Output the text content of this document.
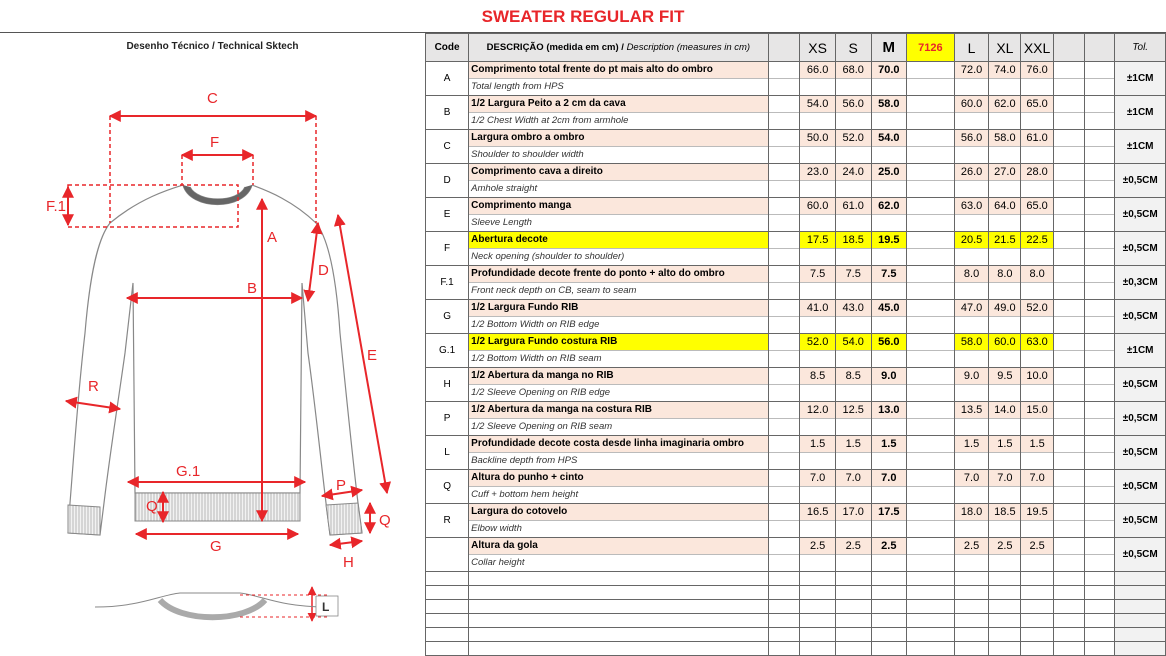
SWEATER REGULAR FIT
Desenho Técnico / Technical Sktech
C
F
F.1
A
D
B
E
R
G.1
P
Q
Q
G
H
L
Code	DESCRIÇÃO (medida em cm) / Description (measures in cm)		XS	S	M	7126	L	XL	XXL			Tol.
A	Comprimento total frente do pt mais alto do ombro
Total length from HPS		66.0	68.0	70.0		72.0	74.0	76.0			±1CM
B	1/2 Largura Peito a 2 cm da cava
1/2 Chest Width at 2cm from armhole		54.0	56.0	58.0		60.0	62.0	65.0			±1CM
C	Largura ombro a ombro
Shoulder to shoulder width		50.0	52.0	54.0		56.0	58.0	61.0			±1CM
D	Comprimento cava a direito
Amhole straight		23.0	24.0	25.0		26.0	27.0	28.0			±0,5CM
E	Comprimento manga
Sleeve Length		60.0	61.0	62.0		63.0	64.0	65.0			±0,5CM
F	Abertura decote
Neck opening (shoulder to shoulder)		17.5	18.5	19.5		20.5	21.5	22.5			±0,5CM
F.1	Profundidade decote frente do ponto + alto do ombro
Front neck depth on CB, seam to seam		7.5	7.5	7.5		8.0	8.0	8.0			±0,3CM
G	1/2 Largura Fundo RIB
1/2 Bottom Width on RIB edge		41.0	43.0	45.0		47.0	49.0	52.0			±0,5CM
G.1	1/2 Largura Fundo costura RIB
1/2 Bottom Width on RIB seam		52.0	54.0	56.0		58.0	60.0	63.0			±1CM
H	1/2 Abertura da manga no RIB
1/2 Sleeve Opening on RIB edge		8.5	8.5	9.0		9.0	9.5	10.0			±0,5CM
P	1/2 Abertura da manga na costura RIB
1/2 Sleeve Opening on RIB seam		12.0	12.5	13.0		13.5	14.0	15.0			±0,5CM
L	Profundidade decote costa desde linha imaginaria ombro
Backline depth from HPS		1.5	1.5	1.5		1.5	1.5	1.5			±0,5CM
Q	Altura do punho + cinto
Cuff + bottom hem height		7.0	7.0	7.0		7.0	7.0	7.0			±0,5CM
R	Largura do cotovelo
Elbow width		16.5	17.0	17.5		18.0	18.5	19.5			±0,5CM

	Altura da gola
Collar height		2.5	2.5	2.5		2.5	2.5	2.5			±0,5CM
